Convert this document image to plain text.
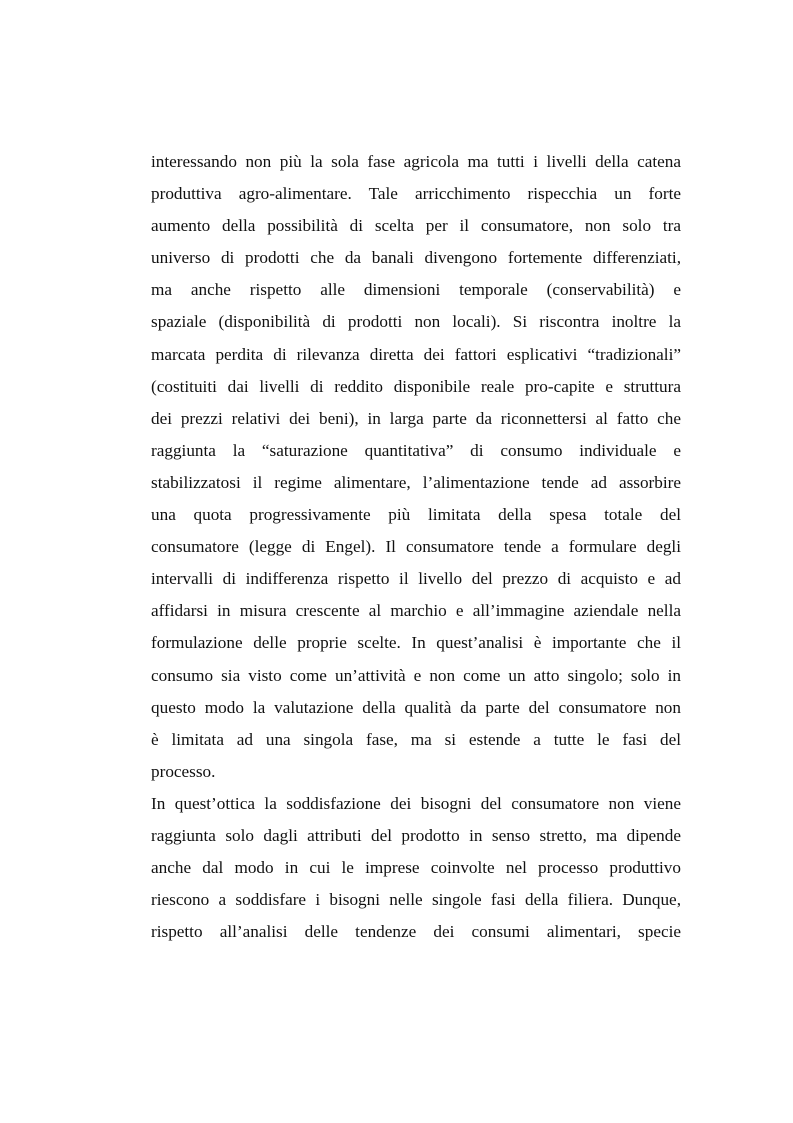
interessando non più la sola fase agricola ma tutti i livelli della catena
produttiva agro-alimentare. Tale arricchimento rispecchia un forte
aumento della possibilità di scelta per il consumatore, non solo tra
universo di prodotti che da banali divengono fortemente differenziati,
ma anche rispetto alle dimensioni temporale (conservabilità) e
spaziale (disponibilità di prodotti non locali). Si riscontra inoltre la
marcata perdita di rilevanza diretta dei fattori esplicativi “tradizionali”
(costituiti dai livelli di reddito disponibile reale pro-capite e struttura
dei prezzi relativi dei beni), in larga parte da riconnettersi al fatto che
raggiunta la “saturazione quantitativa” di consumo individuale e
stabilizzatosi il regime alimentare, l’alimentazione tende ad assorbire
una quota progressivamente più limitata della spesa totale del
consumatore (legge di Engel). Il consumatore tende a formulare degli
intervalli di indifferenza rispetto il livello del prezzo di acquisto e ad
affidarsi in misura crescente al marchio e all’immagine aziendale nella
formulazione delle proprie scelte. In quest’analisi è importante che il
consumo sia visto come un’attività e non come un atto singolo; solo in
questo modo la valutazione della qualità da parte del consumatore non
è limitata ad una singola fase, ma si estende a tutte le fasi del
processo.
In quest’ottica la soddisfazione dei bisogni del consumatore non viene
raggiunta solo dagli attributi del prodotto in senso stretto, ma dipende
anche dal modo in cui le imprese coinvolte nel processo produttivo
riescono a soddisfare i bisogni nelle singole fasi della filiera. Dunque,
rispetto all’analisi delle tendenze dei consumi alimentari, specie
